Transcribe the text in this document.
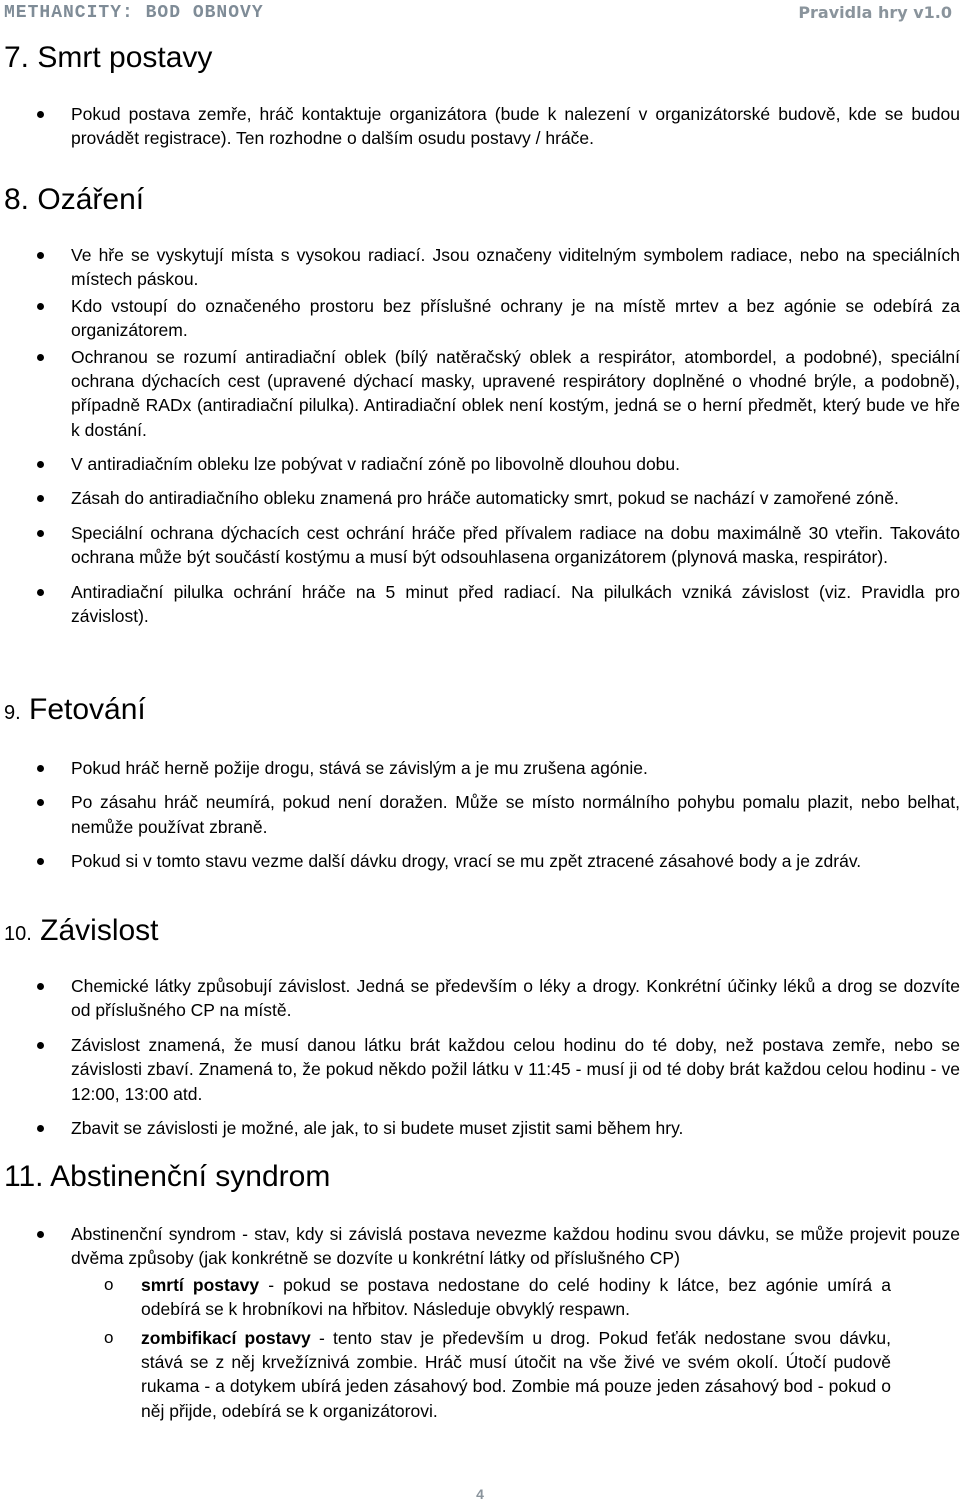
METHANCITY: BOD OBNOVY	Pravidla hry v1.0

7. Smrt postavy
Pokud postava zemře, hráč kontaktuje organizátora (bude k nalezení v organizátorské budově, kde se budou provádět registrace). Ten rozhodne o dalším osudu postavy / hráče.
8. Ozáření
Ve hře se vyskytují místa s vysokou radiací. Jsou označeny viditelným symbolem radiace, nebo na speciálních místech páskou.
Kdo vstoupí do označeného prostoru bez příslušné ochrany je na místě mrtev a bez agónie se odebírá za organizátorem.
Ochranou se rozumí antiradiační oblek (bílý natěračský oblek a respirátor, atombordel, a podobné), speciální ochrana dýchacích cest (upravené dýchací masky, upravené respirátory doplněné o vhodné brýle, a podobně), případně RADx (antiradiační pilulka). Antiradiační oblek není kostým, jedná se o herní předmět, který bude ve hře k dostání.
V antiradiačním obleku lze pobývat v radiační zóně po libovolně dlouhou dobu.
Zásah do antiradiačního obleku znamená pro hráče automaticky smrt, pokud se nachází v zamořené zóně.
Speciální ochrana dýchacích cest ochrání hráče před přívalem radiace na dobu maximálně 30 vteřin. Takováto ochrana může být součástí kostýmu a musí být odsouhlasena organizátorem (plynová maska, respirátor).
Antiradiační pilulka ochrání hráče na 5 minut před radiací. Na pilulkách vzniká závislost (viz. Pravidla pro závislost).
9. Fetování
Pokud hráč herně požije drogu, stává se závislým a je mu zrušena agónie.
Po zásahu hráč neumírá, pokud není doražen. Může se místo normálního pohybu pomalu plazit, nebo belhat, nemůže používat zbraně.
Pokud si v tomto stavu vezme další dávku drogy, vrací se mu zpět ztracené zásahové body a je zdráv.
10. Závislost
Chemické látky způsobují závislost. Jedná se především o léky a drogy. Konkrétní účinky léků a drog se dozvíte od příslušného CP na místě.
Závislost znamená, že musí danou látku brát každou celou hodinu do té doby, než postava zemře, nebo se závislosti zbaví. Znamená to, že pokud někdo požil látku v 11:45 - musí ji od té doby brát každou celou hodinu - ve 12:00, 13:00 atd.
Zbavit se závislosti je možné, ale jak, to si budete muset zjistit sami během hry.
11. Abstinenční syndrom
Abstinenční syndrom - stav, kdy si závislá postava nevezme každou hodinu svou dávku, se může projevit pouze dvěma způsoby (jak konkrétně se dozvíte u konkrétní látky od příslušného CP)
o smrtí postavy - pokud se postava nedostane do celé hodiny k látce, bez agónie umírá a odebírá se k hrobníkovi na hřbitov. Následuje obvyklý respawn.
o zombifikací postavy - tento stav je především u drog. Pokud feťák nedostane svou dávku, stává se z něj krvežíznivá zombie. Hráč musí útočit na vše živé ve svém okolí. Útočí pudově rukama - a dotykem ubírá jeden zásahový bod. Zombie má pouze jeden zásahový bod - pokud o něj přijde, odebírá se k organizátorovi.

4
